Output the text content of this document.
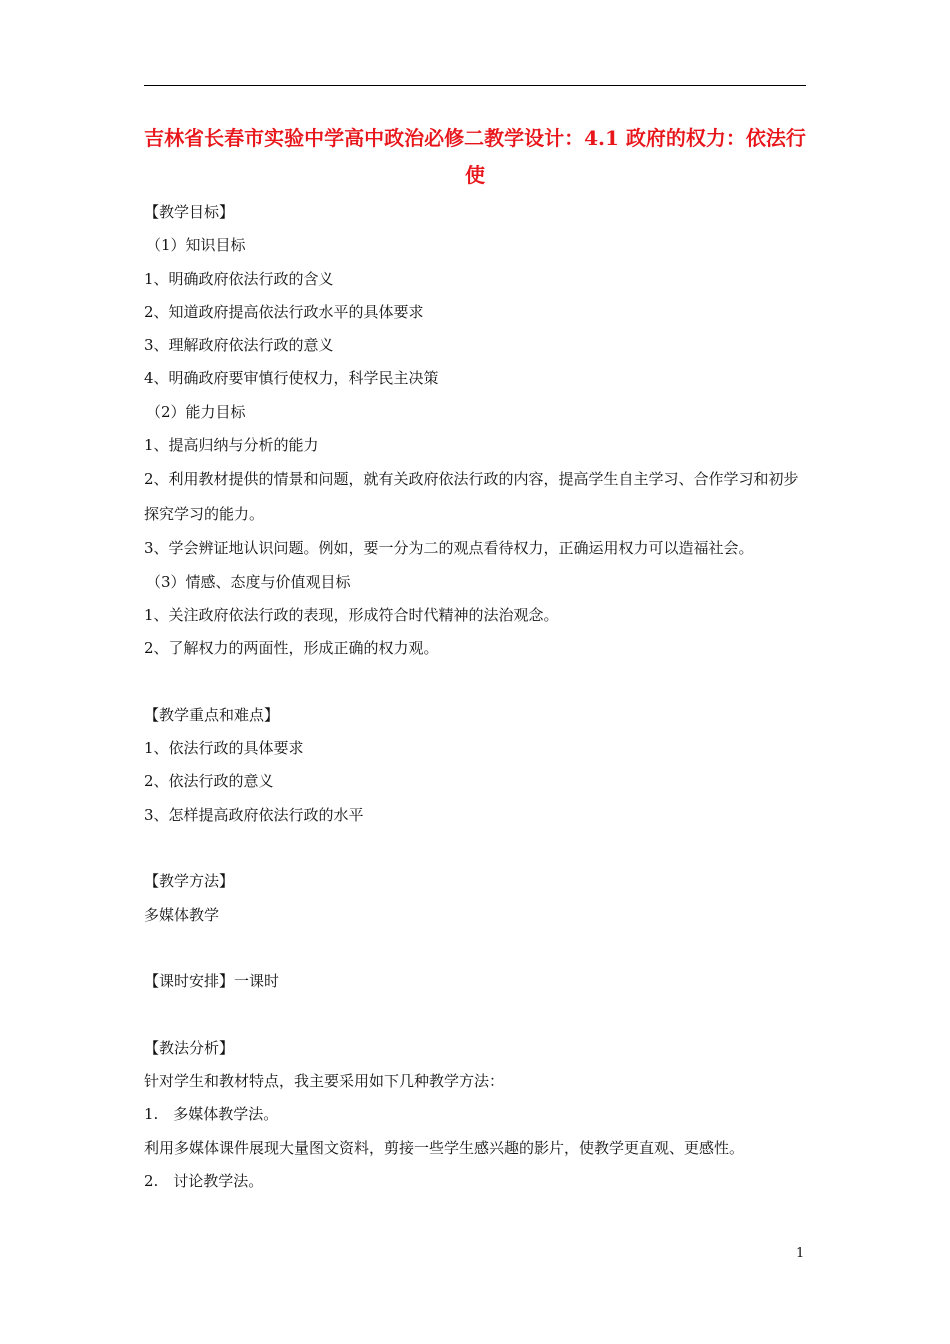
吉林省长春市实验中学高中政治必修二教学设计：4.1 政府的权力：依法行使
【教学目标】
（1）知识目标
1、明确政府依法行政的含义
2、知道政府提高依法行政水平的具体要求
3、理解政府依法行政的意义
4、明确政府要审慎行使权力，科学民主决策
（2）能力目标
1、提高归纳与分析的能力
2、利用教材提供的情景和问题，就有关政府依法行政的内容，提高学生自主学习、合作学习和初步探究学习的能力。
3、学会辨证地认识问题。例如，要一分为二的观点看待权力，正确运用权力可以造福社会。
（3）情感、态度与价值观目标
1、关注政府依法行政的表现，形成符合时代精神的法治观念。
2、了解权力的两面性，形成正确的权力观。
【教学重点和难点】
1、依法行政的具体要求
2、依法行政的意义
3、怎样提高政府依法行政的水平
【教学方法】
多媒体教学
【课时安排】一课时
【教法分析】
针对学生和教材特点，我主要采用如下几种教学方法：
1.　多媒体教学法。
利用多媒体课件展现大量图文资料，剪接一些学生感兴趣的影片，使教学更直观、更感性。
2.　讨论教学法。
1
